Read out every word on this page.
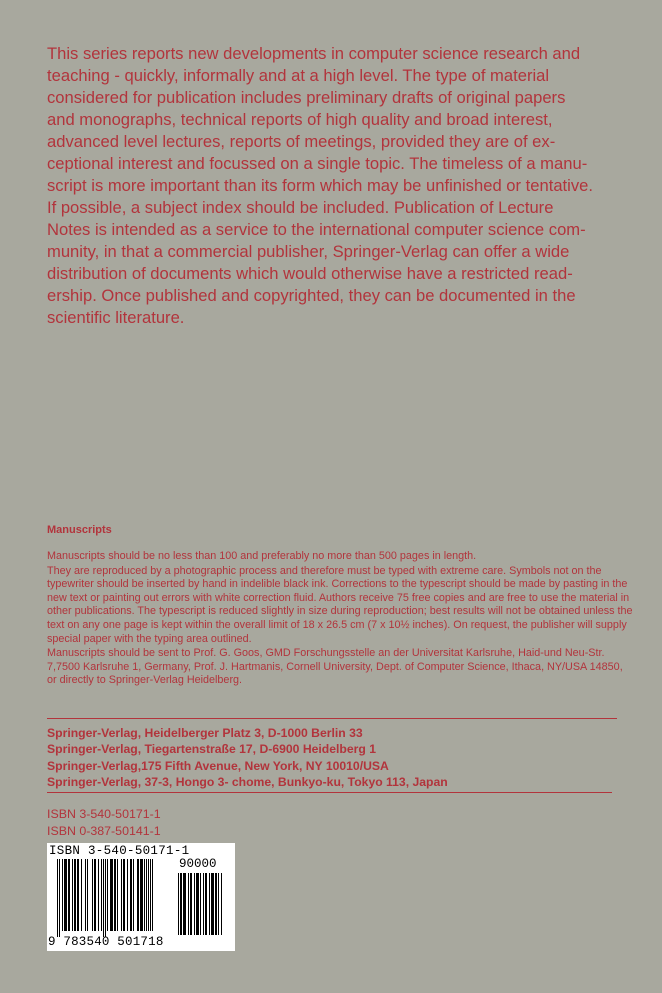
This series reports new developments in computer science research and

teaching - quickly, informally and at a high level. The type of material

considered for publication includes preliminary drafts of original papers

and monographs, technical reports of high quality and broad interest,

advanced level lectures, reports of meetings, provided they are of ex-

ceptional interest and focussed on a single topic. The timeless of a manu-

script is more important than its form which may be unfinished or tentative.

If possible, a subject index should be included. Publication of Lecture

Notes is intended as a service to the international computer science com-

munity, in that a commercial publisher, Springer-Verlag can offer a wide

distribution of documents which would otherwise have a restricted read-

ership. Once published and copyrighted, they can be documented in the

scientific literature.

Manuscripts

Manuscripts should be no less than 100 and preferably no more than 500 pages in length.

They are reproduced by a photographic process and therefore must be typed with extreme care. Symbols not on the typewriter should be inserted by hand in indelible black ink. Corrections to the typescript should be made by pasting in the new text or painting out errors with white correction fluid. Authors receive 75 free copies and are free to use the material in other publications. The typescript is reduced slightly in size during reproduction; best results will not be obtained unless the text on any one page is kept within the overall limit of 18 x 26.5 cm (7 x 10½ inches). On request, the publisher will supply special paper with the typing area outlined.

Manuscripts should be sent to Prof. G. Goos, GMD Forschungsstelle an der Universitat Karlsruhe, Haid-und Neu-Str. 7,7500 Karlsruhe 1, Germany, Prof. J. Hartmanis, Cornell University, Dept. of Computer Science, Ithaca, NY/USA 14850, or directly to Springer-Verlag Heidelberg.

Springer-Verlag, Heidelberger Platz 3, D-1000 Berlin 33
Springer-Verlag, Tiegartenstraße 17, D-6900 Heidelberg 1
Springer-Verlag,175 Fifth Avenue, New York, NY 10010/USA
Springer-Verlag, 37-3, Hongo 3- chome, Bunkyo-ku, Tokyo 113, Japan
ISBN 3-540-50171-1
ISBN 0-387-50141-1
ISBN 3-540-50171-1
90000
9 783540 501718
